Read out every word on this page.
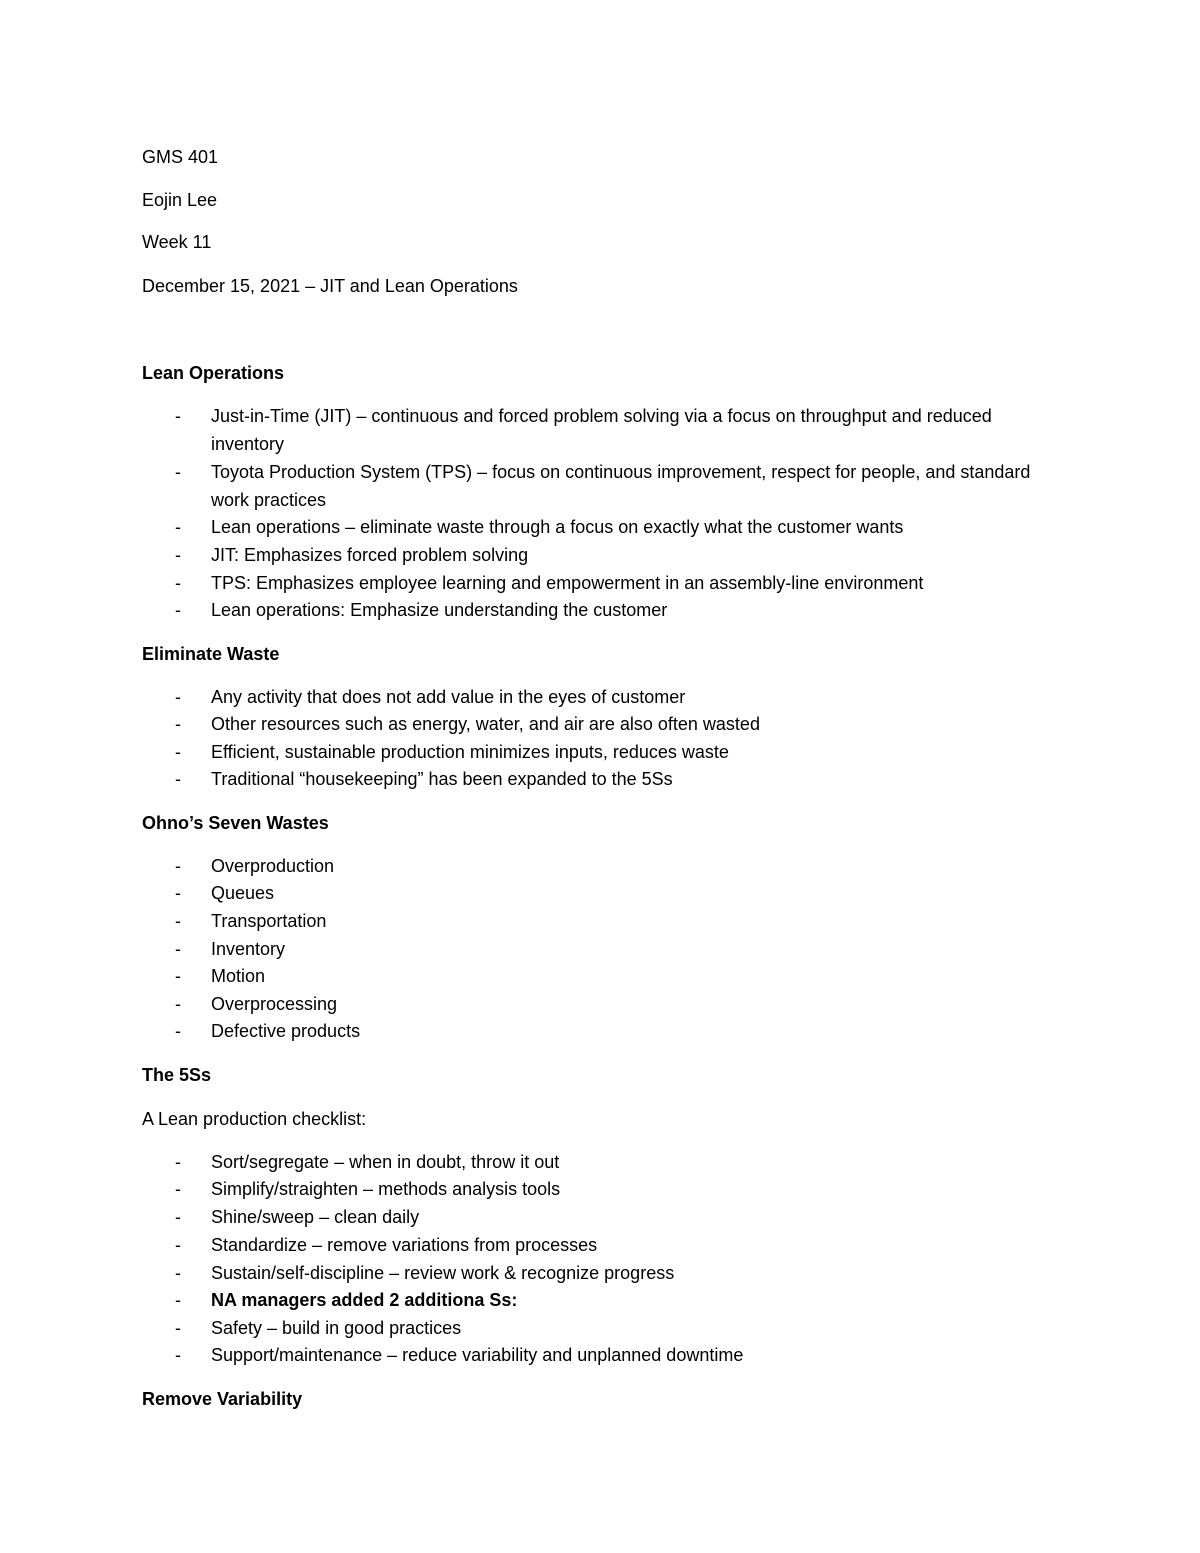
GMS 401
Eojin Lee
Week 11
December 15, 2021 – JIT and Lean Operations
Lean Operations
- Just-in-Time (JIT) – continuous and forced problem solving via a focus on throughput and reduced inventory
- Toyota Production System (TPS) – focus on continuous improvement, respect for people, and standard work practices
- Lean operations – eliminate waste through a focus on exactly what the customer wants
- JIT: Emphasizes forced problem solving
- TPS: Emphasizes employee learning and empowerment in an assembly-line environment
- Lean operations: Emphasize understanding the customer
Eliminate Waste
- Any activity that does not add value in the eyes of customer
- Other resources such as energy, water, and air are also often wasted
- Efficient, sustainable production minimizes inputs, reduces waste
- Traditional “housekeeping” has been expanded to the 5Ss
Ohno’s Seven Wastes
- Overproduction
- Queues
- Transportation
- Inventory
- Motion
- Overprocessing
- Defective products
The 5Ss
A Lean production checklist:
- Sort/segregate – when in doubt, throw it out
- Simplify/straighten – methods analysis tools
- Shine/sweep – clean daily
- Standardize – remove variations from processes
- Sustain/self-discipline – review work & recognize progress
- NA managers added 2 additiona Ss:
- Safety – build in good practices
- Support/maintenance – reduce variability and unplanned downtime
Remove Variability
